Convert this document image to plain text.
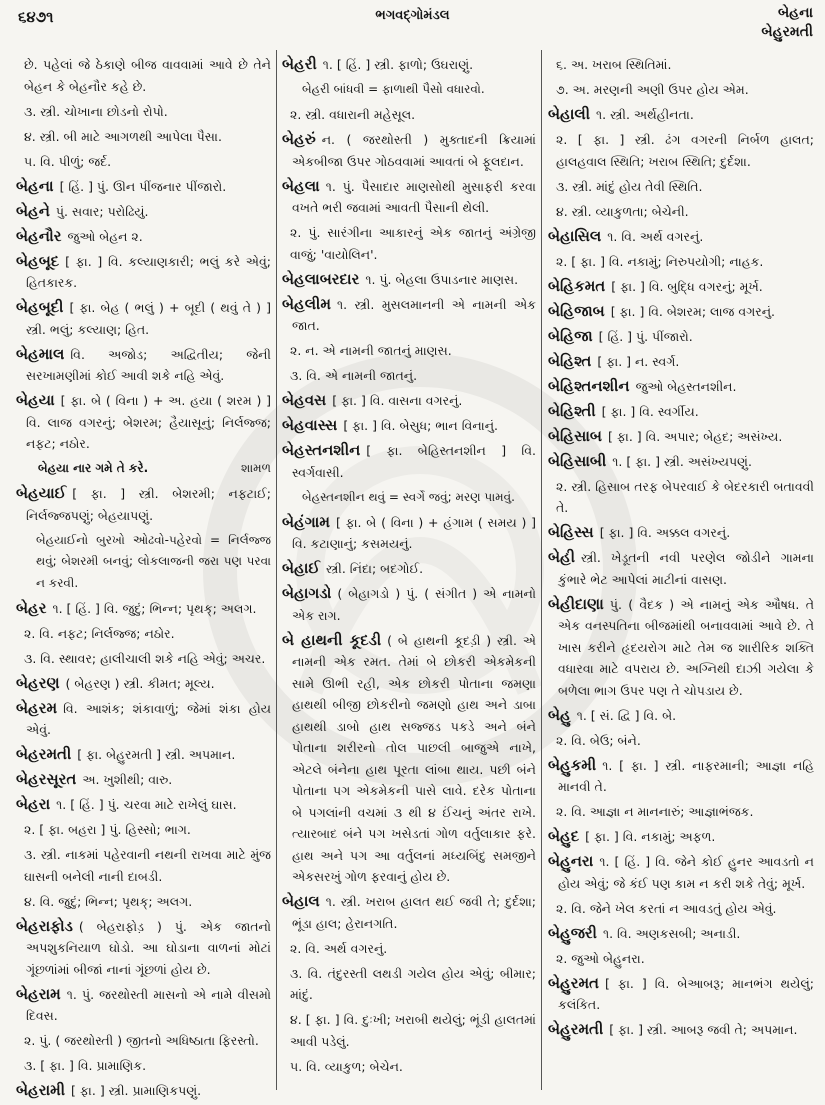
૬૪૭૧	ભગવદ્ગોમંડલ	બેહના
બેહુરમતી

છે. પહેલાં જે ઠેકાણે બીજ વાવવામાં આવે છે તેને બેહન કે બેહનૌર કહે છે.

૩. સ્ત્રી. ચોખાના છોડનો રોપો.

૪. સ્ત્રી. બી માટે આગળથી આપેલા પૈસા.

૫. વિ. પીળું; જર્દ.

બેહના [ હિં. ] પું. ઊન પીંજનાર પીંજારો.

બેહને પું. સવાર; પરોઢિયું.

બેહનૌર જુઓ બેહન ૨.

બેહબૂદ [ ફા. ] વિ. કલ્યાણકારી; ભલું કરે એવું; હિતકારક.

બેહબૂદી [ ફા. બેહ ( ભલું ) + બૂદી ( થવું તે ) ] સ્ત્રી. ભલું; કલ્યાણ; હિત.

બેહમાલ વિ. અજોડ; અદ્વિતીય; જેની સરખામણીમાં કોઈ આવી શકે નહિ એવું.

બેહયા [ ફા. બે ( વિના ) + અ. હયા ( શરમ ) ] વિ. લાજ વગરનું; બેશરમ; હૈયાસૂનું; નિર્લજ્જ; નફટ; નઠોર.

બેહયા નાર ગમે તે કરે.	શામળ

બેહયાઈ [ ફા. ] સ્ત્રી. બેશરમી; નફટાઈ; નિર્લજ્જપણું; બેહયાપણું.

બેહયાઈનો બુરખો ઓઢવો-પહેરવો = નિર્લજ્જ થવું; બેશરમી બનવું; લોકલાજની જરા પણ પરવા ન કરવી.

બેહર ૧. [ હિં. ] વિ. જુદું; ભિન્ન; પૃથક્; અલગ.

૨. વિ. નફટ; નિર્લજ્જ; નઠોર.

૩. વિ. સ્થાવર; હાલીચાલી શકે નહિ એવું; અચર.

બેહરણ ( બેહરણ ) સ્ત્રી. કીમત; મૂલ્ય.

બેહરમ વિ. આશંક; શંકાવાળું; જેમાં શંકા હોય એવું.

બેહરમતી [ ફા. બેહુરમતી ] સ્ત્રી. અપમાન.

બેહરસૂરત અ. ખુશીથી; વારુ.

બેહરા ૧. [ હિં. ] પું. ચરવા માટે રાખેલું ઘાસ.

૨. [ ફા. બહરા ] પું. હિસ્સો; ભાગ.

૩. સ્ત્રી. નાકમાં પહેરવાની નથની રાખવા માટે મુંજ ઘાસની બનેલી નાની દાબડી.

૪. વિ. જુદું; ભિન્ન; પૃથક્; અલગ.

બેહરાફોડ ( બેહરાફોડ઼ ) પું. એક જાતનો અપશુકનિયાળ ઘોડો. આ ઘોડાના વાળનાં મોટાં ગૂંછળાંમાં બીજાં નાનાં ગૂંછળાં હોય છે.

બેહરામ ૧. પું. જરથોસ્તી માસનો એ નામે વીસમો દિવસ.

૨. પું. ( જરથોસ્તી ) જીતનો અધિષ્ઠાતા ફિરસ્તો.

૩. [ ફા. ] વિ. પ્રામાણિક.

બેહરામી [ ફા. ] સ્ત્રી. પ્રામાણિકપણું.

બેહરી ૧. [ હિં. ] સ્ત્રી. ફાળો; ઉઘરાણું.

બેહરી બાંધવી = ફાળાથી પૈસો વધારવો.

૨. સ્ત્રી. વધારાની મહેસૂલ.

બેહરું ન. ( જરથોસ્તી ) મુક્તાદની ક્રિયામાં એકબીજા ઉપર ગોઠવવામાં આવતાં બે ફૂલદાન.

બેહલા ૧. પું. પૈસાદાર માણસોથી મુસાફરી કરવા વખતે ભરી જવામાં આવતી પૈસાની થેલી.

૨. પું. સારંગીના આકારનું એક જાતનું અંગ્રેજી વાજું; 'વાયોલિન'.

બેહલાબરદાર ૧. પું. બેહલા ઉપાડનાર માણસ.

બેહલીમ ૧. સ્ત્રી. મુસલમાનની એ નામની એક જાત.

૨. ન. એ નામની જાતનું માણસ.

૩. વિ. એ નામની જાતનું.

બેહવસ [ ફા. ] વિ. વાસના વગરનું.

બેહવાસ્સ [ ફા. ] વિ. બેસુધ; ભાન વિનાનું.

બેહસ્તનશીન [ ફા. બેહિસ્તનશીન ] વિ. સ્વર્ગવાસી.

બેહસ્તનશીન થવું = સ્વર્ગે જવું; મરણ પામવું.

બેહંગામ [ ફા. બે ( વિના ) + હંગામ ( સમય ) ] વિ. કટાણાનું; કસમયનું.

બેહાઈ સ્ત્રી. નિંદા; બદગોઈ.

બેહાગડો ( બેહાગડો ) પું. ( સંગીત ) એ નામનો એક રાગ.

બે હાથની કૂદડી ( બે હાથની કૂદડ઼ી ) સ્ત્રી. એ નામની એક રમત. તેમાં બે છોકરી એકમેકની સામે ઊભી રહી, એક છોકરી પોતાના જમણા હાથથી બીજી છોકરીનો જમણો હાથ અને ડાબા હાથથી ડાબો હાથ સજ્જડ પકડે અને બંને પોતાના શરીરનો તોલ પાછલી બાજુએ નાખે, એટલે બંનેના હાથ પૂરતા લાંબા થાય. પછી બંને પોતાના પગ એકમેકની પાસે લાવે. દરેક પોતાના બે પગલાંની વચમાં ૩ થી ૪ ઈંચનું અંતર રાખે. ત્યારબાદ બંને પગ ખસેડતાં ગોળ વર્તુલાકાર ફરે. હાથ અને પગ આ વર્તુલનાં મધ્યબિંદુ સમજીને એકસરખું ગોળ ફરવાનું હોય છે.

બેહાલ ૧. સ્ત્રી. ખરાબ હાલત થઈ જવી તે; દુર્દશા; ભૂંડા હાલ; હેરાનગતિ.

૨. વિ. અર્થ વગરનું.

૩. વિ. તંદુરસ્તી લથડી ગયેલ હોય એવું; બીમાર; માંદું.

૪. [ ફા. ] વિ. દુઃખી; ખરાબી થયેલું; ભૂંડી હાલતમાં આવી પડેલું.

૫. વિ. વ્યાકુળ; બેચેન.

૬. અ. ખરાબ સ્થિતિમાં.

૭. અ. મરણની અણી ઉપર હોય એમ.

બેહાલી ૧. સ્ત્રી. અર્થહીનતા.

૨. [ ફા. ] સ્ત્રી. ઢંગ વગરની નિર્બળ હાલત; હાલહવાલ સ્થિતિ; ખરાબ સ્થિતિ; દુર્દશા.

૩. સ્ત્રી. માંદું હોય તેવી સ્થિતિ.

૪. સ્ત્રી. વ્યાકુળતા; બેચેની.

બેહાસિલ ૧. વિ. અર્થ વગરનું.

૨. [ ફા. ] વિ. નકામું; નિરુપયોગી; નાહક.

બેહિકમત [ ફા. ] વિ. બુદ્ધિ વગરનું; મૂર્ખ.

બેહિજાબ [ ફા. ] વિ. બેશરમ; લાજ વગરનું.

બેહિજા [ હિં. ] પું. પીંજારો.

બેહિશ્ત [ ફા. ] ન. સ્વર્ગ.

બેહિશ્તનશીન જુઓ બેહસ્તનશીન.

બેહિશ્તી [ ફા. ] વિ. સ્વર્ગીય.

બેહિસાબ [ ફા. ] વિ. અપાર; બેહદ; અસંખ્ય.

બેહિસાબી ૧. [ ફા. ] સ્ત્રી. અસંખ્યપણું.

૨. સ્ત્રી. હિસાબ તરફ બેપરવાઈ કે બેદરકારી બતાવવી તે.

બેહિસ્સ [ ફા. ] વિ. અક્કલ વગરનું.

બેહી સ્ત્રી. ખેડૂતની નવી પરણેલ જોડીને ગામના કુંભારે ભેટ આપેલાં માટીનાં વાસણ.

બેહીદાણા પું. ( વૈદક ) એ નામનું એક ઔષધ. તે એક વનસ્પતિના બીજમાંથી બનાવવામાં આવે છે. તે ખાસ કરીને હૃદયરોગ માટે તેમ જ શારીરિક શક્તિ વધારવા માટે વપરાય છે. અગ્નિથી દાઝી ગયેલા કે બળેલા ભાગ ઉપર પણ તે ચોપડાય છે.

બેહુ ૧. [ સં. દ્વિ ] વિ. બે.

૨. વિ. બેઉ; બંને.

બેહુકમી ૧. [ ફા. ] સ્ત્રી. નાફરમાની; આજ્ઞા નહિ માનવી તે.

૨. વિ. આજ્ઞા ન માનનારું; આજ્ઞાભંજક.

બેહુદ [ ફા. ] વિ. નકામું; અફળ.

બેહુનરા ૧. [ હિં. ] વિ. જેને કોઈ હુનર આવડતો ન હોય એવું; જે કંઈ પણ કામ ન કરી શકે તેવું; મૂર્ખ.

૨. વિ. જેને ખેલ કરતાં ન આવડતું હોય એવું.

બેહુજરી ૧. વિ. અણકસબી; અનાડી.

૨. જુઓ બેહુનરા.

બેહુરમત [ ફા. ] વિ. બેઆબરૂ; માનભંગ થયેલું; કલંકિત.

બેહુરમતી [ ફા. ] સ્ત્રી. આબરૂ જવી તે; અપમાન.
